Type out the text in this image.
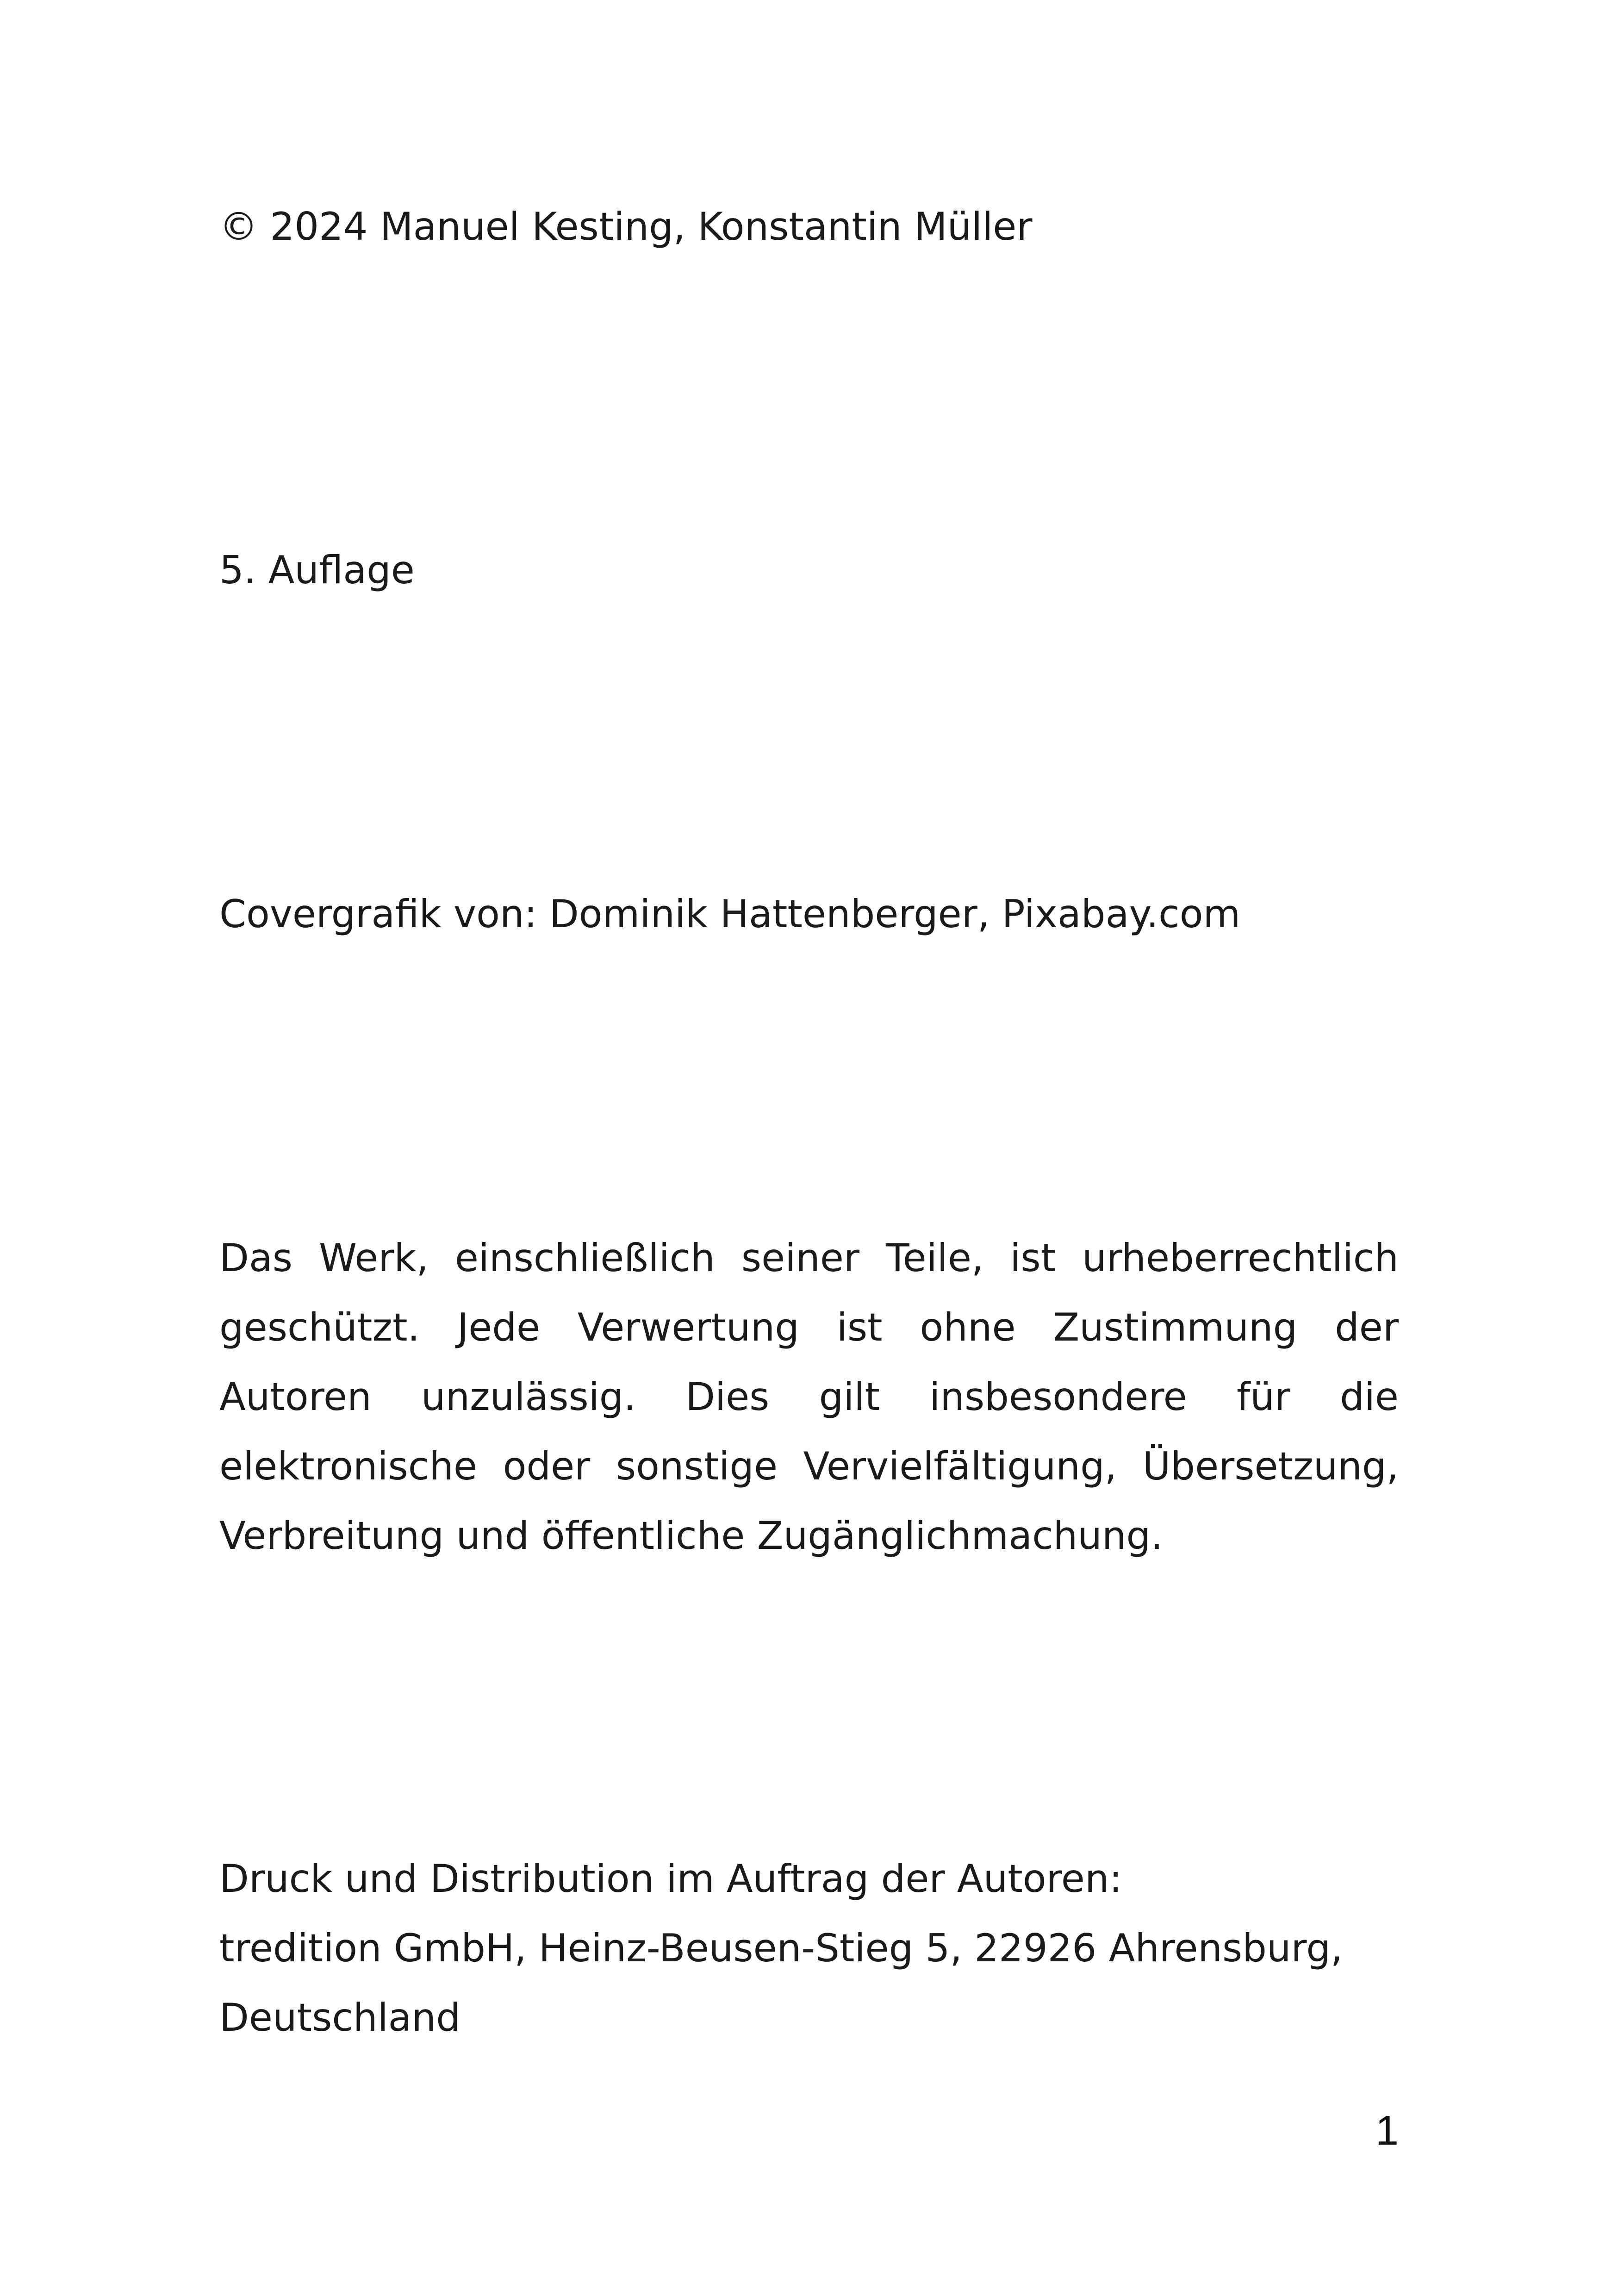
© 2024 Manuel Kesting, Konstantin Müller
5. Auflage
Covergrafik von: Dominik Hattenberger, Pixabay.com
Das Werk, einschließlich seiner Teile, ist urheberrechtlich geschützt. Jede Verwertung ist ohne Zustimmung der Autoren unzulässig. Dies gilt insbesondere für die elektronische oder sonstige Vervielfältigung, Übersetzung, Verbreitung und öffentliche Zugänglichmachung.
Druck und Distribution im Auftrag der Autoren:
tredition GmbH, Heinz-Beusen-Stieg 5, 22926 Ahrensburg,
Deutschland
1
